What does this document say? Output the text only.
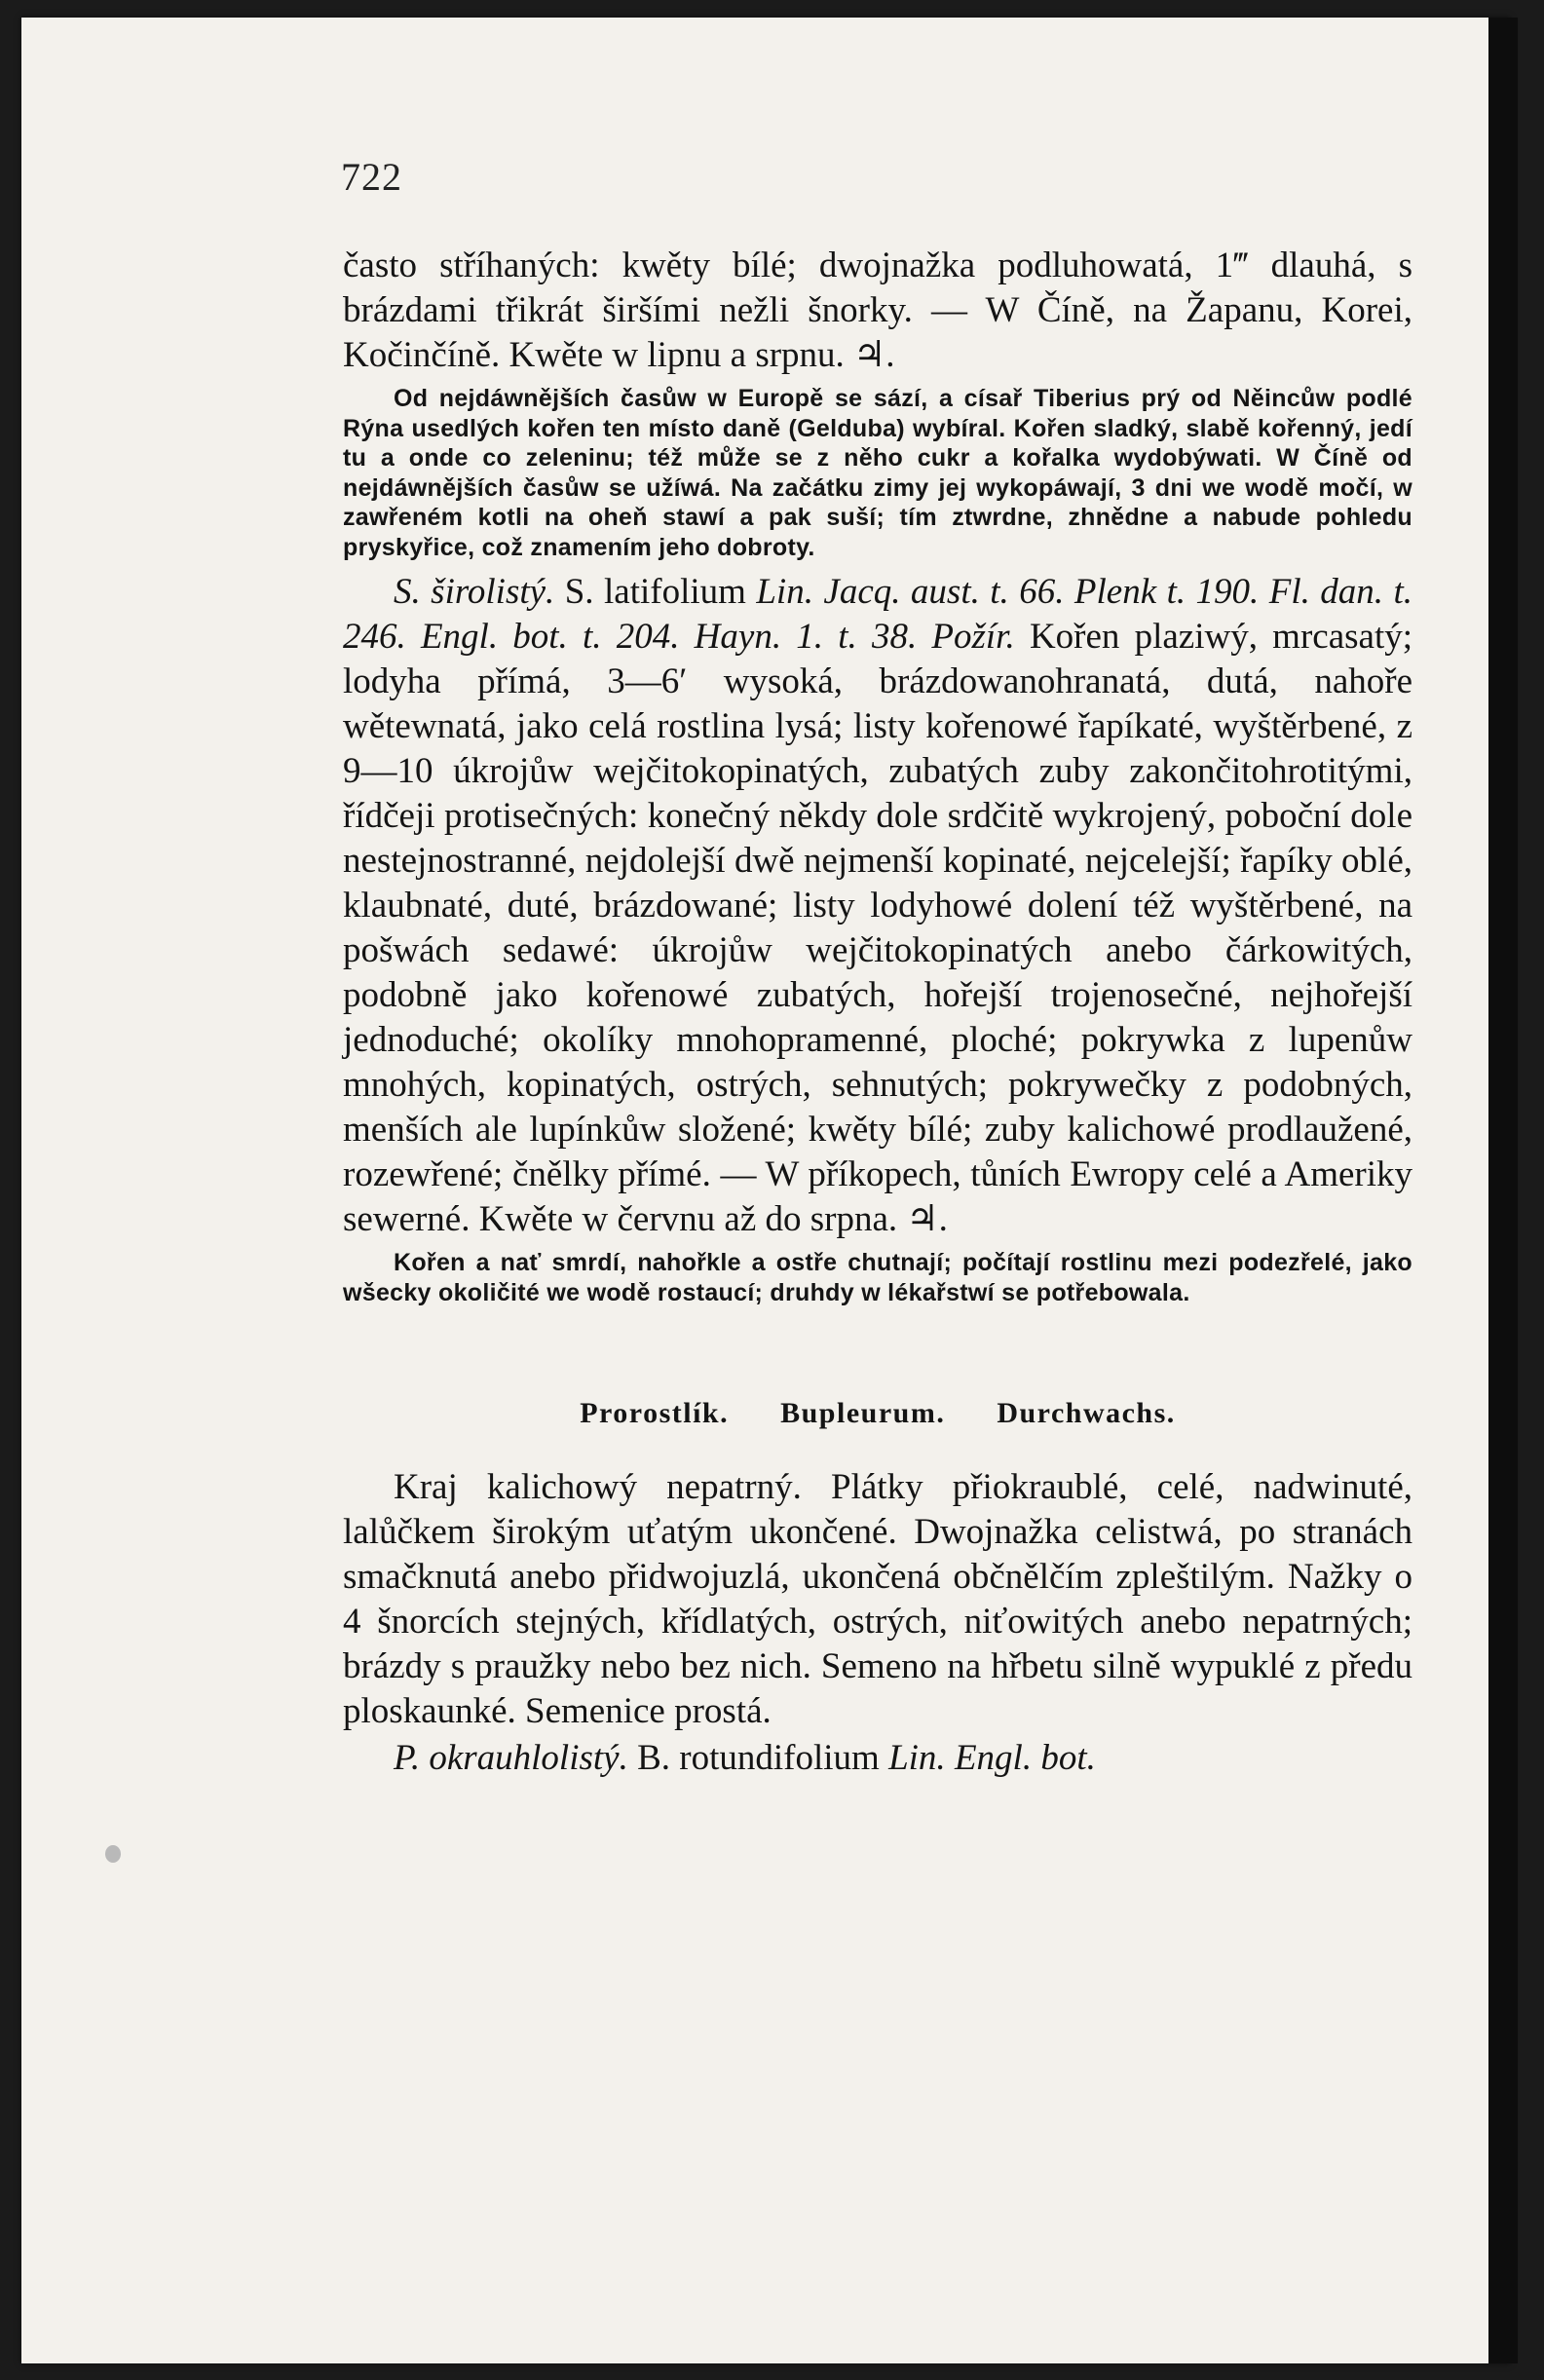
722

často stříhaných: kwěty bílé; dwojnažka podluhowatá, 1‴ dlauhá, s brázdami třikrát širšími nežli šnorky. — W Číně, na Žapanu, Korei, Kočinčíně. Kwěte w lipnu a srpnu. ♃.

Od nejdáwnějších časůw w Europě se sází, a císař Tiberius prý od Něincůw podlé Rýna usedlých kořen ten místo daně (Gelduba) wybíral. Kořen sladký, slabě kořenný, jedí tu a onde co zeleninu; též může se z něho cukr a kořalka wydobýwati. W Číně od nejdáwnějších časůw se užíwá. Na začátku zimy jej wykopáwají, 3 dni we wodě močí, w zawřeném kotli na oheň stawí a pak suší; tím ztwrdne, zhnědne a nabude pohledu pryskyřice, což znamením jeho dobroty.

S. širolistý. S. latifolium Lin. Jacq. aust. t. 66. Plenk t. 190. Fl. dan. t. 246. Engl. bot. t. 204. Hayn. 1. t. 38. Požír. Kořen plaziwý, mrcasatý; lodyha přímá, 3—6′ wysoká, brázdowanohranatá, dutá, nahoře wětewnatá, jako celá rostlina lysá; listy kořenowé řapíkaté, wyštěrbené, z 9—10 úkrojůw wejčitokopinatých, zubatých zuby zakončitohrotitými, řídčeji protisečných: konečný někdy dole srdčitě wykrojený, poboční dole nestejnostranné, nejdolejší dwě nejmenší kopinaté, nejcelejší; řapíky oblé, klaubnaté, duté, brázdowané; listy lodyhowé dolení též wyštěrbené, na pošwách sedawé: úkrojůw wejčitokopinatých anebo čárkowitých, podobně jako kořenowé zubatých, hořejší trojenosečné, nejhořejší jednoduché; okolíky mnohopramenné, ploché; pokrywka z lupenůw mnohých, kopinatých, ostrých, sehnutých; pokrywečky z podobných, menších ale lupínkůw složené; kwěty bílé; zuby kalichowé prodlaužené, rozewřené; čnělky přímé. — W příkopech, tůních Ewropy celé a Ameriky sewerné. Kwěte w červnu až do srpna. ♃.

Kořen a nať smrdí, nahořkle a ostře chutnají; počítají rostlinu mezi podezřelé, jako wšecky okoličité we wodě rostaucí; druhdy w lékařstwí se potřebowala.

Prorostlík. Bupleurum. Durchwachs.

Kraj kalichowý nepatrný. Plátky přiokraublé, celé, nadwinuté, lalůčkem širokým uťatým ukončené. Dwojnažka celistwá, po stranách smačknutá anebo přidwojuzlá, ukončená občnělčím zpleštilým. Nažky o 4 šnorcích stejných, křídlatých, ostrých, niťowitých anebo nepatrných; brázdy s praužky nebo bez nich. Semeno na hřbetu silně wypuklé z předu ploskaunké. Semenice prostá.

P. okrauhlolistý. B. rotundifolium Lin. Engl. bot.
